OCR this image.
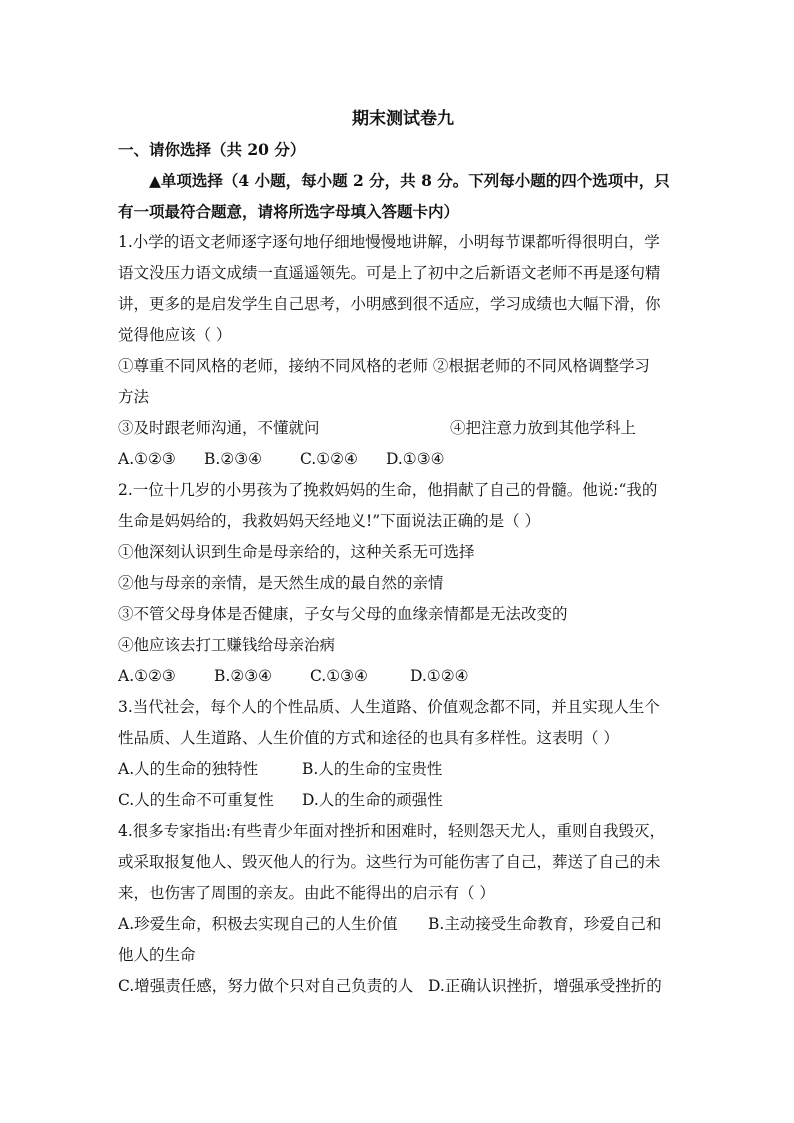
期末测试卷九
一、请你选择（共 20 分）
▲单项选择（4 小题，每小题 2 分，共 8 分。下列每小题的四个选项中，只
有一项最符合题意，请将所选字母填入答题卡内）
1.小学的语文老师逐字逐句地仔细地慢慢地讲解，小明每节课都听得很明白，学
语文没压力语文成绩一直遥遥领先。可是上了初中之后新语文老师不再是逐句精
讲，更多的是启发学生自己思考，小明感到很不适应，学习成绩也大幅下滑，你
觉得他应该（ ）
①尊重不同风格的老师，接纳不同风格的老师 ②根据老师的不同风格调整学习
方法
③及时跟老师沟通，不懂就问	④把注意力放到其他学科上
A.①②③	B.②③④	C.①②④	D.①③④
2.一位十几岁的小男孩为了挽救妈妈的生命，他捐献了自己的骨髓。他说:“我的
生命是妈妈给的，我救妈妈天经地义!”下面说法正确的是（ ）
①他深刻认识到生命是母亲给的，这种关系无可选择
②他与母亲的亲情，是天然生成的最自然的亲情
③不管父母身体是否健康，子女与父母的血缘亲情都是无法改变的
④他应该去打工赚钱给母亲治病
A.①②③	B.②③④	C.①③④	D.①②④
3.当代社会，每个人的个性品质、人生道路、价值观念都不同，并且实现人生个
性品质、人生道路、人生价值的方式和途径的也具有多样性。这表明（ ）
A.人的生命的独特性	B.人的生命的宝贵性
C.人的生命不可重复性	D.人的生命的顽强性
4.很多专家指出:有些青少年面对挫折和困难时，轻则怨天尤人，重则自我毁灭，
或采取报复他人、毁灭他人的行为。这些行为可能伤害了自己，葬送了自己的未
来，也伤害了周围的亲友。由此不能得出的启示有（ ）
A.珍爱生命，积极去实现自己的人生价值	B.主动接受生命教育，珍爱自己和
他人的生命
C.增强责任感，努力做个只对自己负责的人 D.正确认识挫折，增强承受挫折的
